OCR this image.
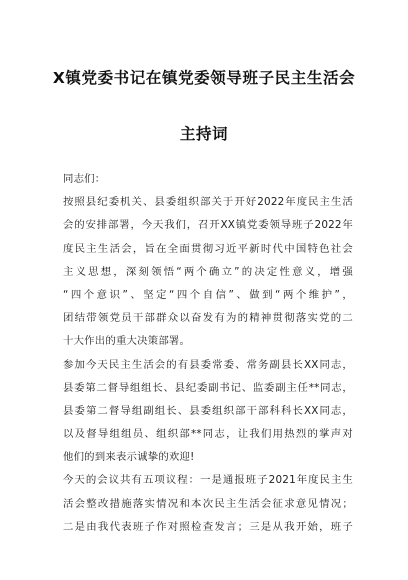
X镇党委书记在镇党委领导班子民主生活会
主持词
同志们：
按照县纪委机关、县委组织部关于开好2022年度民主生活
会的安排部署，今天我们，召开XX镇党委领导班子2022年
度民主生活会，旨在全面贯彻习近平新时代中国特色社会
主义思想，深刻领悟“两个确立”的决定性意义，增强
“四个意识”、坚定“四个自信”、做到“两个维护”，
团结带领党员干部群众以奋发有为的精神贯彻落实党的二
十大作出的重大决策部署。
参加今天民主生活会的有县委常委、常务副县长XX同志，
县委第二督导组组长、县纪委副书记、监委副主任**同志，
县委第二督导组副组长、县委组织部干部科科长XX同志，
以及督导组组员、组织部**同志，让我们用热烈的掌声对
他们的到来表示诚挚的欢迎!
今天的会议共有五项议程：一是通报班子2021年度民主生
活会整改措施落实情况和本次民主生活会征求意见情况；
二是由我代表班子作对照检查发言；三是从我开始，班子
